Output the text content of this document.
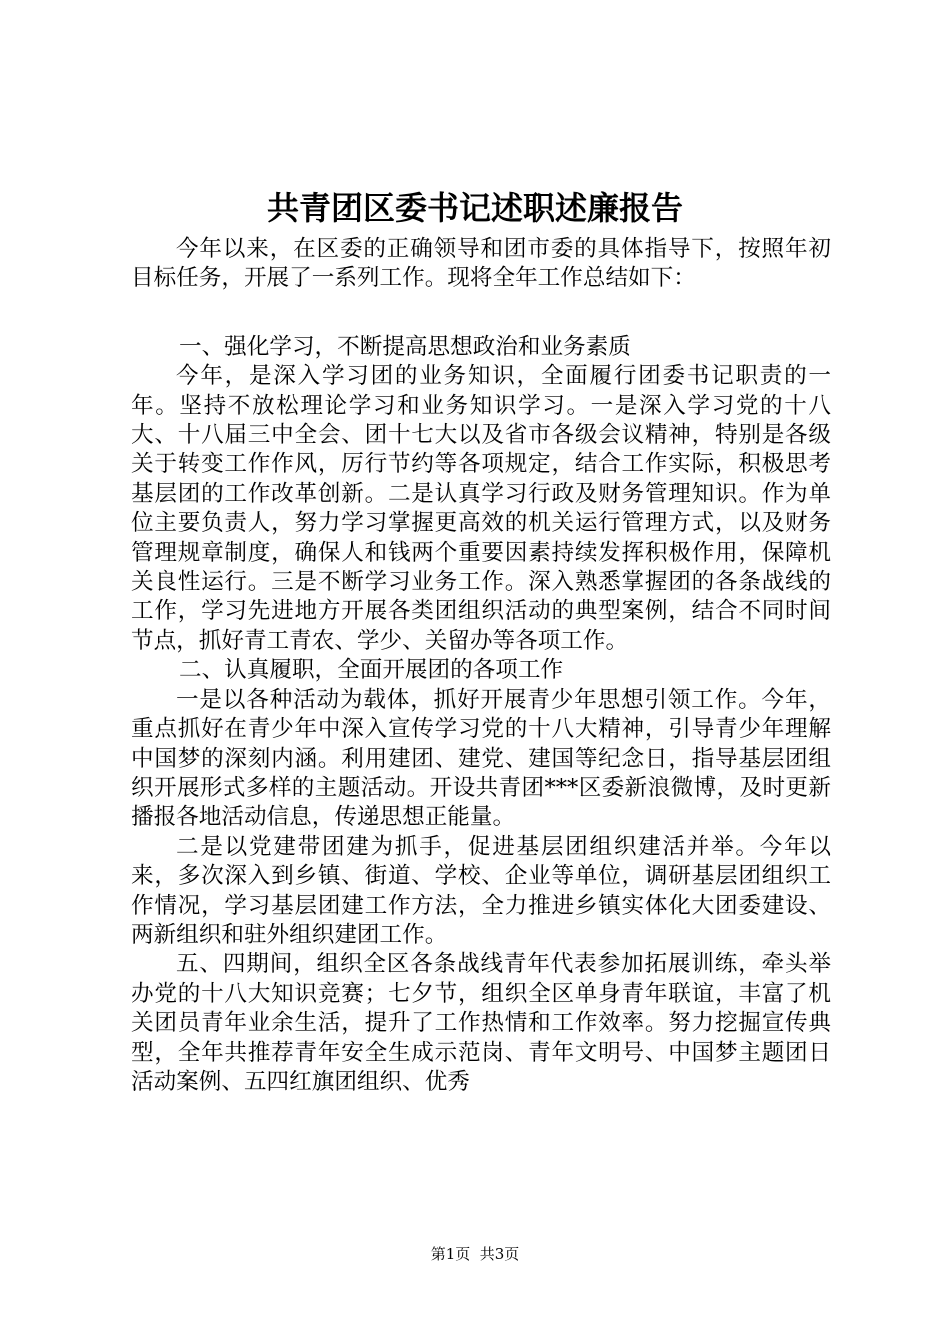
共青团区委书记述职述廉报告

今年以来，在区委的正确领导和团市委的具体指导下，按照年初目标任务，开展了一系列工作。现将全年工作总结如下：

一、强化学习，不断提高思想政治和业务素质

今年，是深入学习团的业务知识，全面履行团委书记职责的一年。坚持不放松理论学习和业务知识学习。一是深入学习党的十八大、十八届三中全会、团十七大以及省市各级会议精神，特别是各级关于转变工作作风，厉行节约等各项规定，结合工作实际，积极思考基层团的工作改革创新。二是认真学习行政及财务管理知识。作为单位主要负责人，努力学习掌握更高效的机关运行管理方式，以及财务管理规章制度，确保人和钱两个重要因素持续发挥积极作用，保障机关良性运行。三是不断学习业务工作。深入熟悉掌握团的各条战线的工作，学习先进地方开展各类团组织活动的典型案例，结合不同时间节点，抓好青工青农、学少、关留办等各项工作。

二、认真履职，全面开展团的各项工作

一是以各种活动为载体，抓好开展青少年思想引领工作。今年，重点抓好在青少年中深入宣传学习党的十八大精神，引导青少年理解中国梦的深刻内涵。利用建团、建党、建国等纪念日，指导基层团组织开展形式多样的主题活动。开设共青团***区委新浪微博，及时更新播报各地活动信息，传递思想正能量。

二是以党建带团建为抓手，促进基层团组织建活并举。今年以来，多次深入到乡镇、街道、学校、企业等单位，调研基层团组织工作情况，学习基层团建工作方法，全力推进乡镇实体化大团委建设、两新组织和驻外组织建团工作。

五、四期间，组织全区各条战线青年代表参加拓展训练，牵头举办党的十八大知识竞赛；七夕节，组织全区单身青年联谊，丰富了机关团员青年业余生活，提升了工作热情和工作效率。努力挖掘宣传典型，全年共推荐青年安全生成示范岗、青年文明号、中国梦主题团日活动案例、五四红旗团组织、优秀

第1页  共3页
